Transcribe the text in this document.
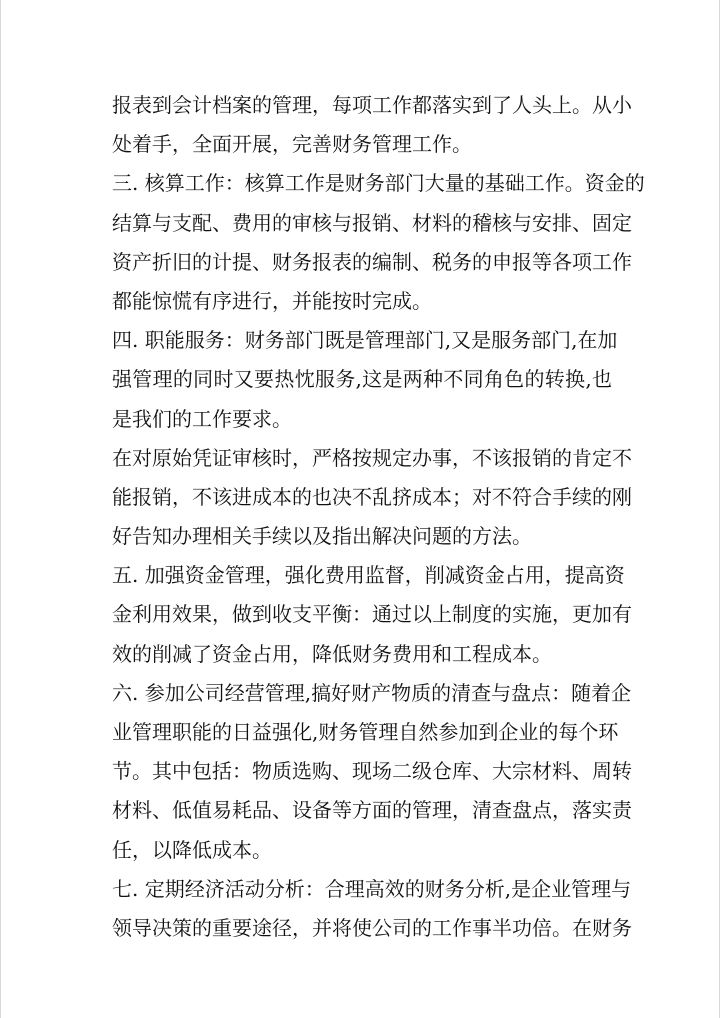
报表到会计档案的管理，每项工作都落实到了人头上。从小
处着手，全面开展，完善财务管理工作。
三. 核算工作：核算工作是财务部门大量的基础工作。资金的
结算与支配、费用的审核与报销、材料的稽核与安排、固定
资产折旧的计提、财务报表的编制、税务的申报等各项工作
都能惊慌有序进行，并能按时完成。
四. 职能服务：财务部门既是管理部门,又是服务部门,在加
强管理的同时又要热忱服务,这是两种不同角色的转换,也
是我们的工作要求。
在对原始凭证审核时，严格按规定办事，不该报销的肯定不
能报销，不该进成本的也决不乱挤成本；对不符合手续的刚
好告知办理相关手续以及指出解决问题的方法。
五. 加强资金管理，强化费用监督，削减资金占用，提高资
金利用效果，做到收支平衡：通过以上制度的实施，更加有
效的削减了资金占用，降低财务费用和工程成本。
六. 参加公司经营管理,搞好财产物质的清查与盘点：随着企
业管理职能的日益强化,财务管理自然参加到企业的每个环
节。其中包括：物质选购、现场二级仓库、大宗材料、周转
材料、低值易耗品、设备等方面的管理，清查盘点，落实责
任，以降低成本。
七. 定期经济活动分析：合理高效的财务分析,是企业管理与
领导决策的重要途径，并将使公司的工作事半功倍。在财务
